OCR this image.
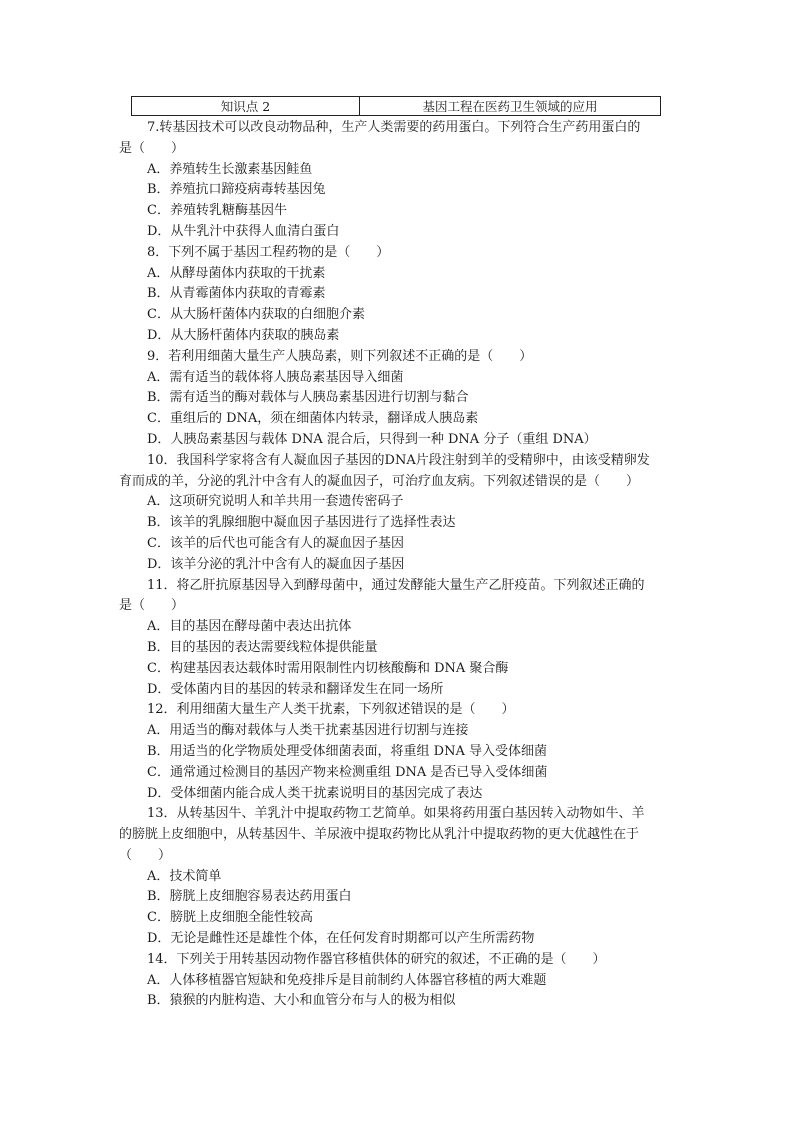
知识点 2	基因工程在医药卫生领域的应用
7.转基因技术可以改良动物品种，生产人类需要的药用蛋白。下列符合生产药用蛋白的
是（　　）
A．养殖转生长激素基因鲑鱼
B．养殖抗口蹄疫病毒转基因兔
C．养殖转乳糖酶基因牛
D．从牛乳汁中获得人血清白蛋白
8．下列不属于基因工程药物的是（　　）
A．从酵母菌体内获取的干扰素
B．从青霉菌体内获取的青霉素
C．从大肠杆菌体内获取的白细胞介素
D．从大肠杆菌体内获取的胰岛素
9．若利用细菌大量生产人胰岛素，则下列叙述不正确的是（　　）
A．需有适当的载体将人胰岛素基因导入细菌
B．需有适当的酶对载体与人胰岛素基因进行切割与黏合
C．重组后的 DNA，须在细菌体内转录，翻译成人胰岛素
D．人胰岛素基因与载体 DNA 混合后，只得到一种 DNA 分子（重组 DNA）
10．我国科学家将含有人凝血因子基因的DNA片段注射到羊的受精卵中，由该受精卵发
育而成的羊，分泌的乳汁中含有人的凝血因子，可治疗血友病。下列叙述错误的是（　　）
A．这项研究说明人和羊共用一套遗传密码子
B．该羊的乳腺细胞中凝血因子基因进行了选择性表达
C．该羊的后代也可能含有人的凝血因子基因
D．该羊分泌的乳汁中含有人的凝血因子基因
11．将乙肝抗原基因导入到酵母菌中，通过发酵能大量生产乙肝疫苗。下列叙述正确的
是（　　）
A．目的基因在酵母菌中表达出抗体
B．目的基因的表达需要线粒体提供能量
C．构建基因表达载体时需用限制性内切核酸酶和 DNA 聚合酶
D．受体菌内目的基因的转录和翻译发生在同一场所
12．利用细菌大量生产人类干扰素，下列叙述错误的是（　　）
A．用适当的酶对载体与人类干扰素基因进行切割与连接
B．用适当的化学物质处理受体细菌表面，将重组 DNA 导入受体细菌
C．通常通过检测目的基因产物来检测重组 DNA 是否已导入受体细菌
D．受体细菌内能合成人类干扰素说明目的基因完成了表达
13．从转基因牛、羊乳汁中提取药物工艺简单。如果将药用蛋白基因转入动物如牛、羊
的膀胱上皮细胞中，从转基因牛、羊尿液中提取药物比从乳汁中提取药物的更大优越性在于
（　　）
A．技术简单
B．膀胱上皮细胞容易表达药用蛋白
C．膀胱上皮细胞全能性较高
D．无论是雌性还是雄性个体，在任何发育时期都可以产生所需药物
14．下列关于用转基因动物作器官移植供体的研究的叙述，不正确的是（　　）
A．人体移植器官短缺和免疫排斥是目前制约人体器官移植的两大难题
B．猿猴的内脏构造、大小和血管分布与人的极为相似
